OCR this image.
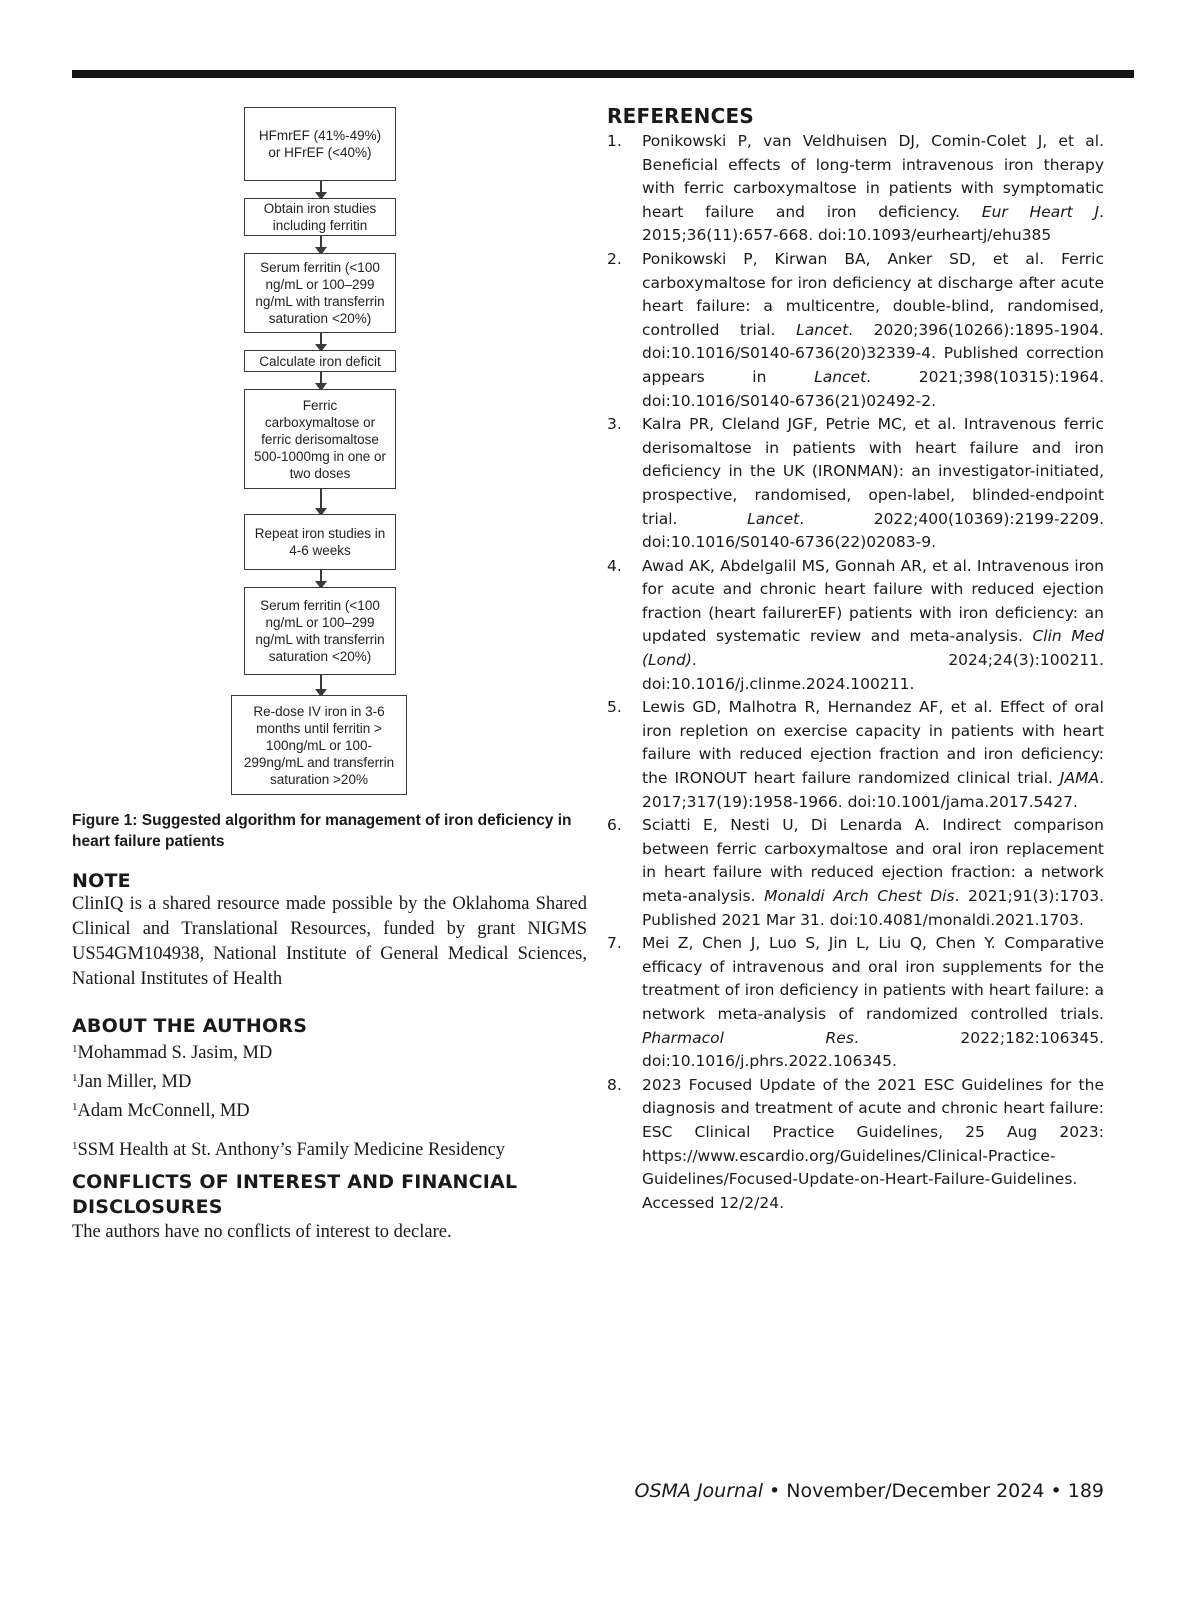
HFmrEF (41%-49%)
or HFrEF (<40%)
Obtain iron studies
including ferritin
Serum ferritin (<100
ng/mL or 100–299
ng/mL with transferrin
saturation <20%)
Calculate iron deficit
Ferric
carboxymaltose or
ferric derisomaltose
500-1000mg in one or
two doses
Repeat iron studies in
4-6 weeks
Serum ferritin (<100
ng/mL or 100–299
ng/mL with transferrin
saturation <20%)
Re-dose IV iron in 3-6
months until ferritin >
100ng/mL or 100-
299ng/mL and transferrin
saturation >20%
Figure 1: Suggested algorithm for management of iron deficiency in heart failure patients
NOTE

ClinIQ is a shared resource made possible by the Oklahoma Shared Clinical and Translational Resources, funded by grant NIGMS US54GM104938, National Institute of General Medical Sciences, National Institutes of Health

ABOUT THE AUTHORS

$^1$Mohammad S. Jasim, MD

$^1$Jan Miller, MD

$^1$Adam McConnell, MD

$^1$SSM Health at St. Anthony’s Family Medicine Residency

CONFLICTS OF INTEREST AND FINANCIAL DISCLOSURES

The authors have no conflicts of interest to declare.

REFERENCES
1. Ponikowski P, van Veldhuisen DJ, Comin-Colet J, et al. Beneficial effects of long-term intravenous iron therapy with ferric carboxymaltose in patients with symptomatic heart failure and iron deficiency. Eur Heart J. 2015;36(11):657-668. doi:10.1093/eurheartj/ehu385
2. Ponikowski P, Kirwan BA, Anker SD, et al. Ferric carboxymaltose for iron deficiency at discharge after acute heart failure: a multicentre, double-blind, randomised, controlled trial. Lancet. 2020;396(10266):1895-1904. doi:10.1016/S0140-6736(20)32339-4. Published correction appears in Lancet. 2021;398(10315):1964. doi:10.1016/S0140-6736(21)02492-2.
3. Kalra PR, Cleland JGF, Petrie MC, et al. Intravenous ferric derisomaltose in patients with heart failure and iron deficiency in the UK (IRONMAN): an investigator-initiated, prospective, randomised, open-label, blinded-endpoint trial. Lancet. 2022;400(10369):2199-2209. doi:10.1016/S0140-6736(22)02083-9.
4. Awad AK, Abdelgalil MS, Gonnah AR, et al. Intravenous iron for acute and chronic heart failure with reduced ejection fraction (heart failurerEF) patients with iron deficiency: an updated systematic review and meta-analysis. Clin Med (Lond). 2024;24(3):100211. doi:10.1016/j.clinme.2024.100211.
5. Lewis GD, Malhotra R, Hernandez AF, et al. Effect of oral iron repletion on exercise capacity in patients with heart failure with reduced ejection fraction and iron deficiency: the IRONOUT heart failure randomized clinical trial. JAMA. 2017;317(19):1958-1966. doi:10.1001/jama.2017.5427.
6. Sciatti E, Nesti U, Di Lenarda A. Indirect comparison between ferric carboxymaltose and oral iron replacement in heart failure with reduced ejection fraction: a network meta-analysis. Monaldi Arch Chest Dis. 2021;91(3):1703. Published 2021 Mar 31. doi:10.4081/monaldi.2021.1703.
7. Mei Z, Chen J, Luo S, Jin L, Liu Q, Chen Y. Comparative efficacy of intravenous and oral iron supplements for the treatment of iron deficiency in patients with heart failure: a network meta-analysis of randomized controlled trials. Pharmacol Res. 2022;182:106345. doi:10.1016/j.phrs.2022.106345.
8. 2023 Focused Update of the 2021 ESC Guidelines for the diagnosis and treatment of acute and chronic heart failure: ESC Clinical Practice Guidelines, 25 Aug 2023: https://www.escardio.org/Guidelines/Clinical-Practice-Guidelines/Focused-Update-on-Heart-Failure-Guidelines. Accessed 12/2/24.
OSMA Journal • November/December 2024 • 189
